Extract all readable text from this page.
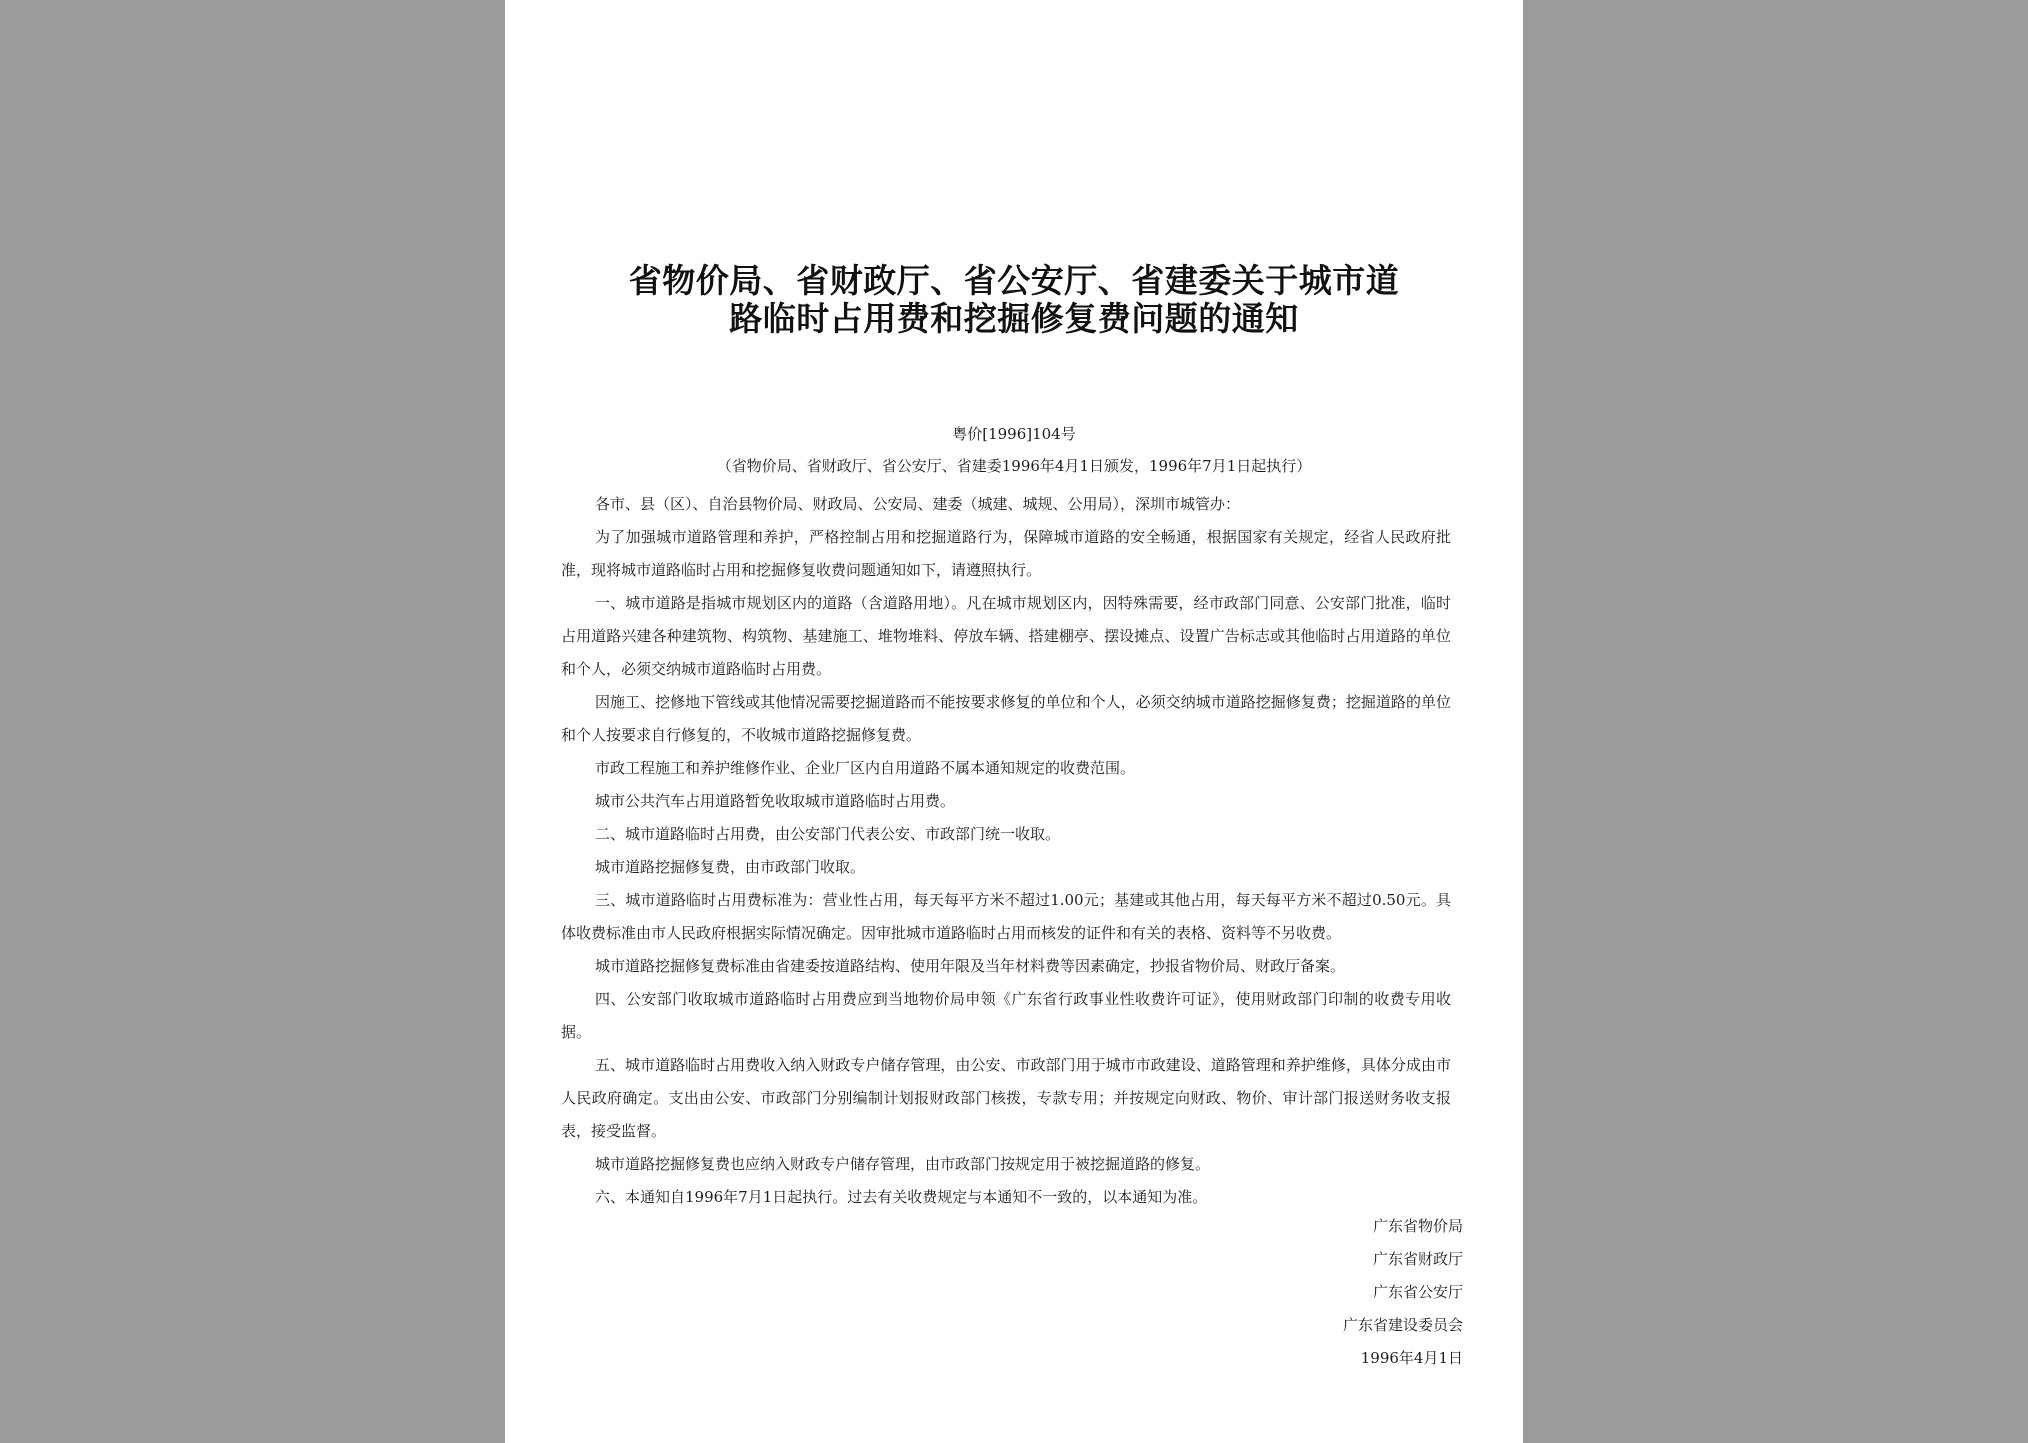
省物价局、省财政厅、省公安厅、省建委关于城市道
路临时占用费和挖掘修复费问题的通知
粤价[1996]104号
（省物价局、省财政厅、省公安厅、省建委1996年4月1日颁发，1996年7月1日起执行）

各市、县（区）、自治县物价局、财政局、公安局、建委（城建、城规、公用局），深圳市城管办：

为了加强城市道路管理和养护，严格控制占用和挖掘道路行为，保障城市道路的安全畅通，根据国家有关规定，经省人民政府批准，现将城市道路临时占用和挖掘修复收费问题通知如下，请遵照执行。

一、城市道路是指城市规划区内的道路（含道路用地）。凡在城市规划区内，因特殊需要，经市政部门同意、公安部门批准，临时占用道路兴建各种建筑物、构筑物、基建施工、堆物堆料、停放车辆、搭建棚亭、摆设摊点、设置广告标志或其他临时占用道路的单位和个人，必须交纳城市道路临时占用费。

因施工、挖修地下管线或其他情况需要挖掘道路而不能按要求修复的单位和个人，必须交纳城市道路挖掘修复费；挖掘道路的单位和个人按要求自行修复的，不收城市道路挖掘修复费。

市政工程施工和养护维修作业、企业厂区内自用道路不属本通知规定的收费范围。

城市公共汽车占用道路暂免收取城市道路临时占用费。

二、城市道路临时占用费，由公安部门代表公安、市政部门统一收取。

城市道路挖掘修复费，由市政部门收取。

三、城市道路临时占用费标准为：营业性占用，每天每平方米不超过1.00元；基建或其他占用，每天每平方米不超过0.50元。具体收费标准由市人民政府根据实际情况确定。因审批城市道路临时占用而核发的证件和有关的表格、资料等不另收费。

城市道路挖掘修复费标准由省建委按道路结构、使用年限及当年材料费等因素确定，抄报省物价局、财政厅备案。

四、公安部门收取城市道路临时占用费应到当地物价局申领《广东省行政事业性收费许可证》，使用财政部门印制的收费专用收据。

五、城市道路临时占用费收入纳入财政专户储存管理，由公安、市政部门用于城市市政建设、道路管理和养护维修，具体分成由市人民政府确定。支出由公安、市政部门分别编制计划报财政部门核拨，专款专用；并按规定向财政、物价、审计部门报送财务收支报表，接受监督。

城市道路挖掘修复费也应纳入财政专户储存管理，由市政部门按规定用于被挖掘道路的修复。

六、本通知自1996年7月1日起执行。过去有关收费规定与本通知不一致的，以本通知为准。

广东省物价局
广东省财政厅
广东省公安厅
广东省建设委员会
1996年4月1日
